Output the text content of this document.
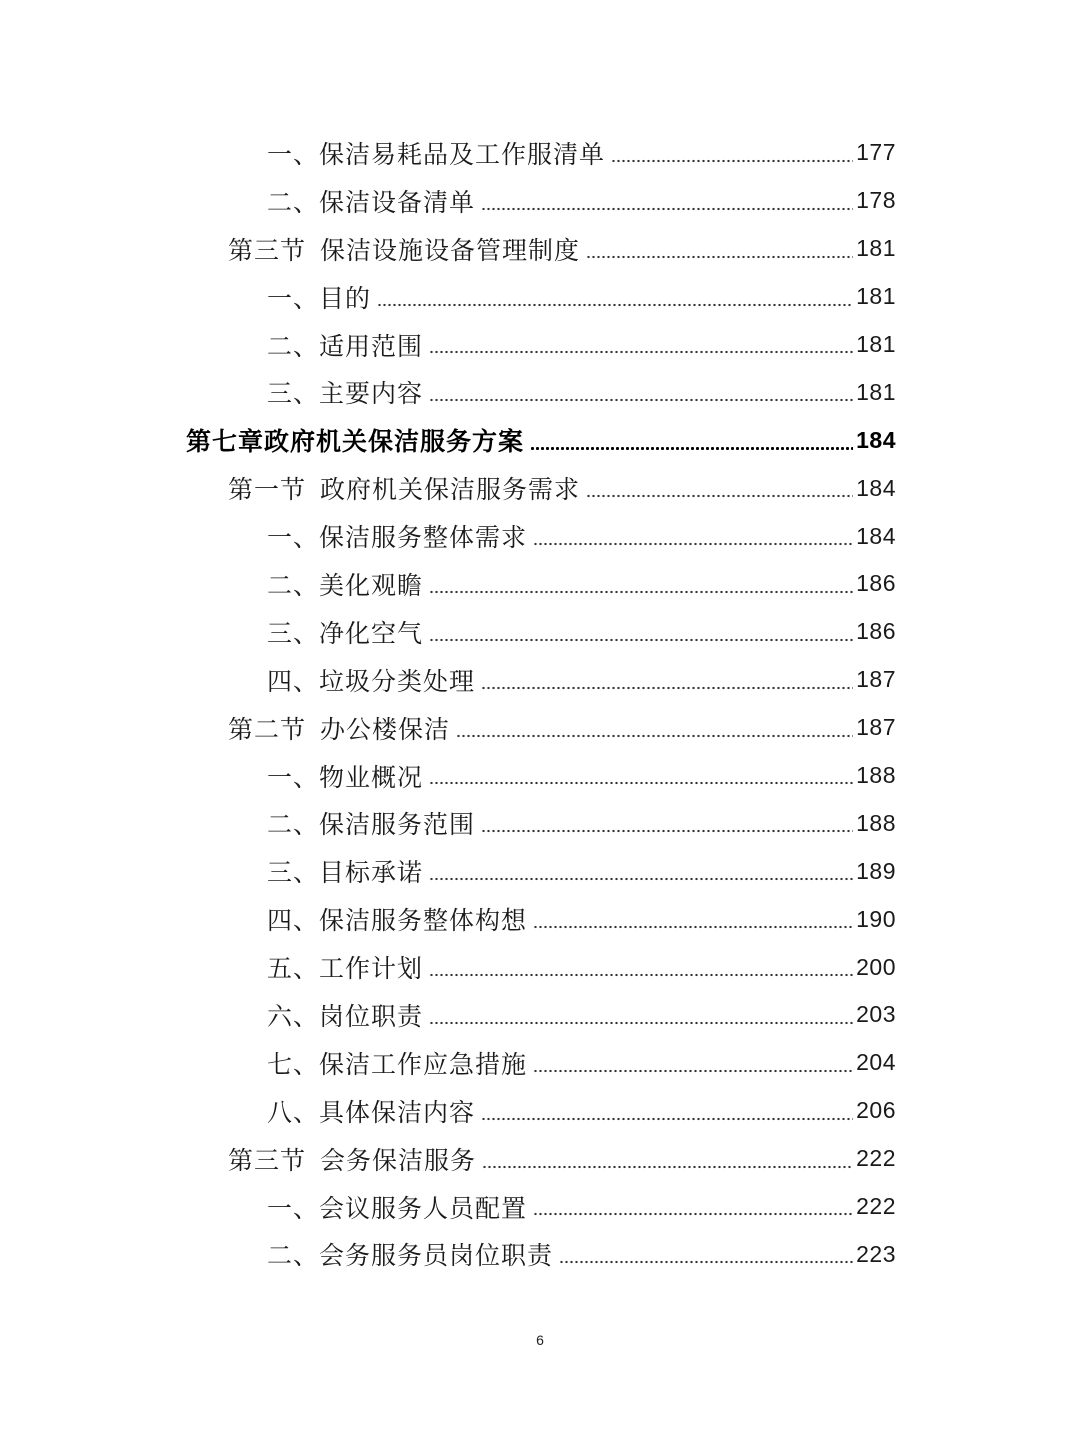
一、保洁易耗品及工作服清单	177
二、保洁设备清单	178
第三节 保洁设施设备管理制度	181
一、目的	181
二、适用范围	181
三、主要内容	181
第七章政府机关保洁服务方案	184
第一节 政府机关保洁服务需求	184
一、保洁服务整体需求	184
二、美化观瞻	186
三、净化空气	186
四、垃圾分类处理	187
第二节 办公楼保洁	187
一、物业概况	188
二、保洁服务范围	188
三、目标承诺	189
四、保洁服务整体构想	190
五、工作计划	200
六、岗位职责	203
七、保洁工作应急措施	204
八、具体保洁内容	206
第三节 会务保洁服务	222
一、会议服务人员配置	222
二、会务服务员岗位职责	223
6
